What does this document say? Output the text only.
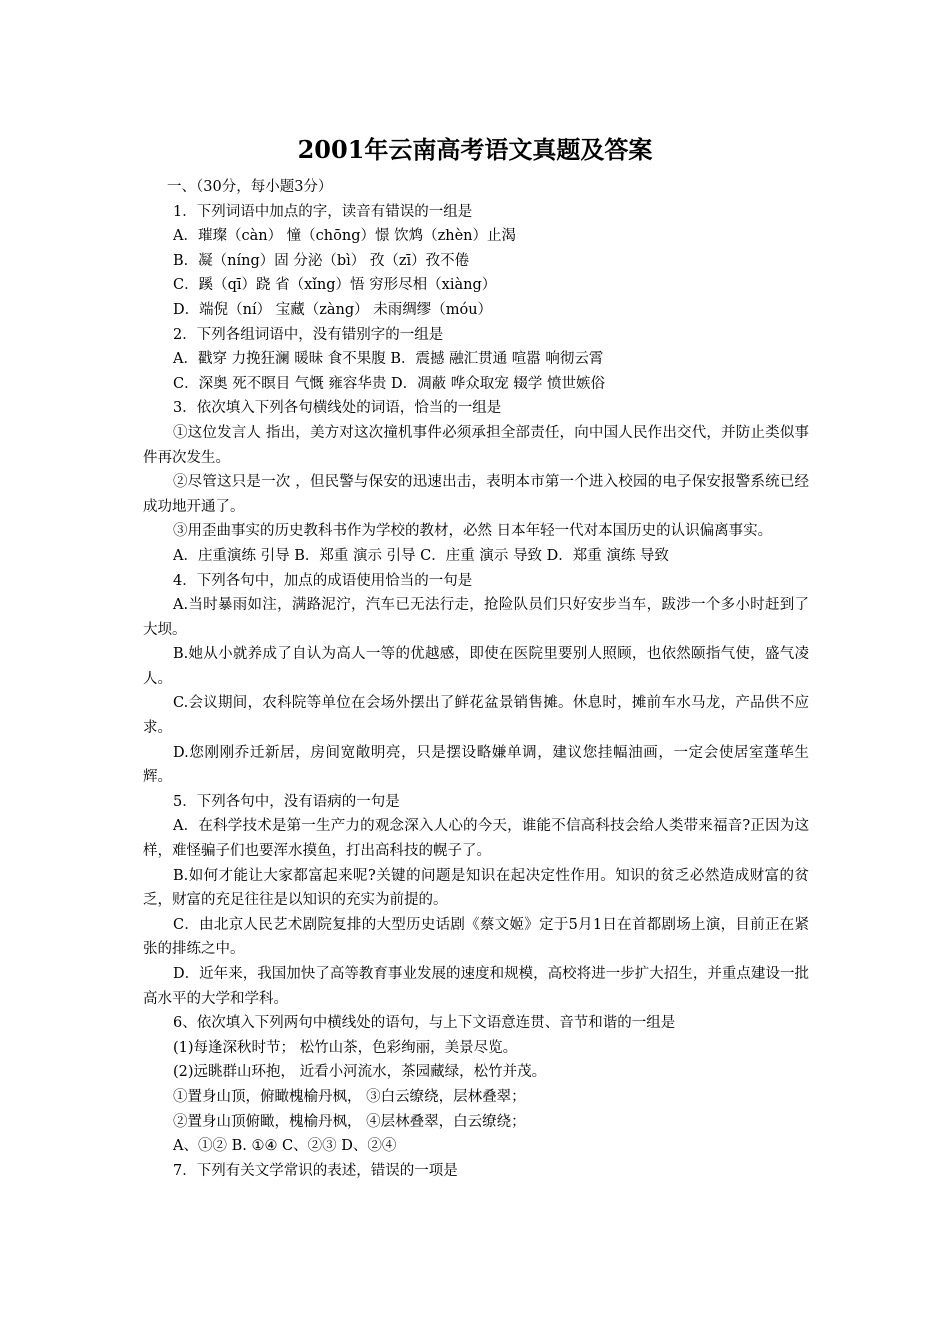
2001年云南高考语文真题及答案

一、（30分，每小题3分）

1．下列词语中加点的字，读音有错误的一组是

A．璀璨（càn） 憧（chōng）憬 饮鸩（zhèn）止渴

B．凝（níng）固 分泌（bì） 孜（zī）孜不倦

C．蹊（qī）跷 省（xǐng）悟 穷形尽相（xiàng）

D．端倪（ní） 宝藏（zàng） 未雨绸缪（móu）

2．下列各组词语中，没有错别字的一组是

A．戳穿 力挽狂澜 暖昧 食不果腹 B．震撼 融汇贯通 喧嚣 响彻云霄

C．深奥 死不瞑目 气慨 雍容华贵 D．凋蔽 哗众取宠 辍学 愤世嫉俗

3．依次填入下列各句横线处的词语，恰当的一组是

①这位发言人 指出，美方对这次撞机事件必须承担全部责任，向中国人民作出交代，并防止类似事件再次发生。

②尽管这只是一次 ，但民警与保安的迅速出击，表明本市第一个进入校园的电子保安报警系统已经成功地开通了。

③用歪曲事实的历史教科书作为学校的教材，必然 日本年轻一代对本国历史的认识偏离事实。

A．庄重演练 引导 B．郑重 演示 引导 C．庄重 演示 导致 D．郑重 演练 导致

4．下列各句中，加点的成语使用恰当的一句是

A.当时暴雨如注，满路泥泞，汽车已无法行走，抢险队员们只好安步当车，跋涉一个多小时赶到了大坝。

B.她从小就养成了自认为高人一等的优越感，即使在医院里要别人照顾，也依然颐指气使，盛气凌人。

C.会议期间，农科院等单位在会场外摆出了鲜花盆景销售摊。休息时，摊前车水马龙，产品供不应求。

D.您刚刚乔迁新居，房间宽敞明亮，只是摆设略嫌单调，建议您挂幅油画，一定会使居室蓬荜生辉。

5．下列各句中，没有语病的一句是

A．在科学技术是第一生产力的观念深入人心的今天，谁能不信高科技会给人类带来福音?正因为这样，难怪骗子们也要浑水摸鱼，打出高科技的幌子了。

B.如何才能让大家都富起来呢?关键的问题是知识在起决定性作用。知识的贫乏必然造成财富的贫乏，财富的充足往往是以知识的充实为前提的。

C．由北京人民艺术剧院复排的大型历史话剧《蔡文姬》定于5月1日在首都剧场上演，目前正在紧张的排练之中。

D．近年来，我国加快了高等教育事业发展的速度和规模，高校将进一步扩大招生，并重点建设一批高水平的大学和学科。

6、依次填入下列两句中横线处的语句，与上下文语意连贯、音节和谐的一组是

(1)每逢深秋时节； 松竹山茶，色彩绚丽，美景尽览。

(2)远眺群山环抱， 近看小河流水，茶园藏绿，松竹并茂。

①置身山顶，俯瞰槐榆丹枫， ③白云缭绕，层林叠翠；

②置身山顶俯瞰，槐榆丹枫， ④层林叠翠，白云缭绕；

A、①② B. ①④ C、②③ D、②④

7．下列有关文学常识的表述，错误的一项是
